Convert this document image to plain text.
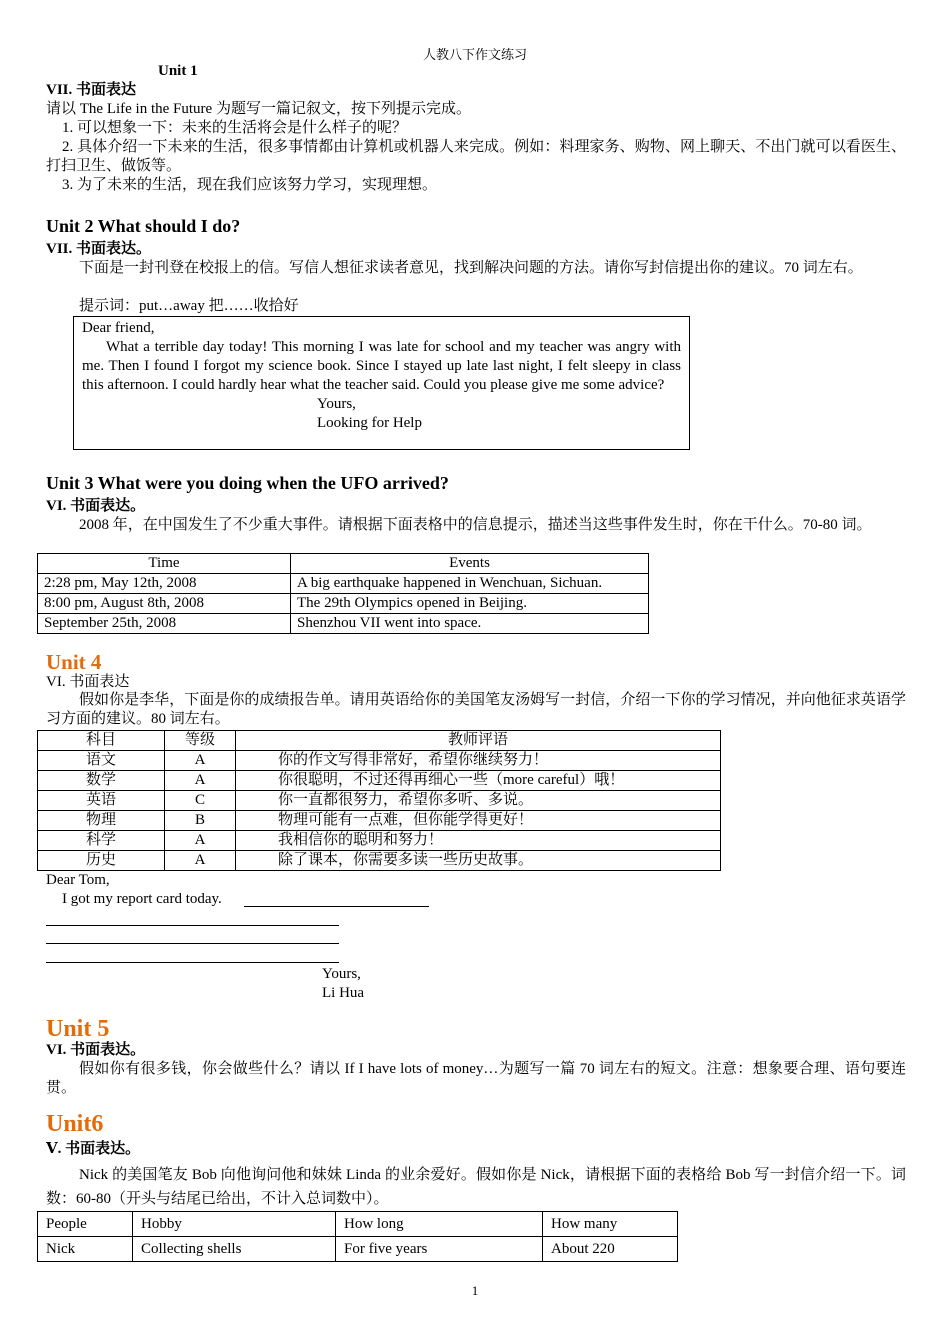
人教八下作文练习
Unit 1
VII. 书面表达
请以 The Life in the Future 为题写一篇记叙文，按下列提示完成。
1. 可以想象一下：未来的生活将会是什么样子的呢？
2. 具体介绍一下未来的生活，很多事情都由计算机或机器人来完成。例如：料理家务、购物、网上聊天、不出门就可以看医生、打扫卫生、做饭等。
3. 为了未来的生活，现在我们应该努力学习，实现理想。
Unit 2 What should I do?
VII. 书面表达。
下面是一封刊登在校报上的信。写信人想征求读者意见，找到解决问题的方法。请你写封信提出你的建议。70 词左右。
提示词：put…away 把……收拾好
Dear friend,
What a terrible day today! This morning I was late for school and my teacher was angry with me. Then I found I forgot my science book. Since I stayed up late last night, I felt sleepy in class this afternoon. I could hardly hear what the teacher said. Could you please give me some advice?
Yours,
Looking for Help
Unit 3 What were you doing when the UFO arrived?
VI. 书面表达。
2008 年，在中国发生了不少重大事件。请根据下面表格中的信息提示，描述当这些事件发生时，你在干什么。70-80 词。
Time	Events
2:28 pm, May 12th, 2008	A big earthquake happened in Wenchuan, Sichuan.
8:00 pm, August 8th, 2008	The 29th Olympics opened in Beijing.
September 25th, 2008	Shenzhou VII went into space.
Unit 4
VI. 书面表达
假如你是李华，下面是你的成绩报告单。请用英语给你的美国笔友汤姆写一封信，介绍一下你的学习情况，并向他征求英语学习方面的建议。80 词左右。
科目	等级	教师评语
语文	A	你的作文写得非常好，希望你继续努力！
数学	A	你很聪明，不过还得再细心一些（more careful）哦！
英语	C	你一直都很努力，希望你多听、多说。
物理	B	物理可能有一点难，但你能学得更好！
科学	A	我相信你的聪明和努力！
历史	A	除了课本，你需要多读一些历史故事。
Dear Tom,
I got my report card today.
Yours,
Li Hua
Unit 5
VI. 书面表达。
假如你有很多钱，你会做些什么？请以 If I have lots of money…为题写一篇 70 词左右的短文。注意：想象要合理、语句要连贯。
Unit6
Ⅴ. 书面表达。
Nick 的美国笔友 Bob 向他询问他和妹妹 Linda 的业余爱好。假如你是 Nick，请根据下面的表格给 Bob 写一封信介绍一下。词数：60-80（开头与结尾已给出，不计入总词数中）。
People	Hobby	How long	How many
Nick	Collecting shells	For five years	About 220
1
